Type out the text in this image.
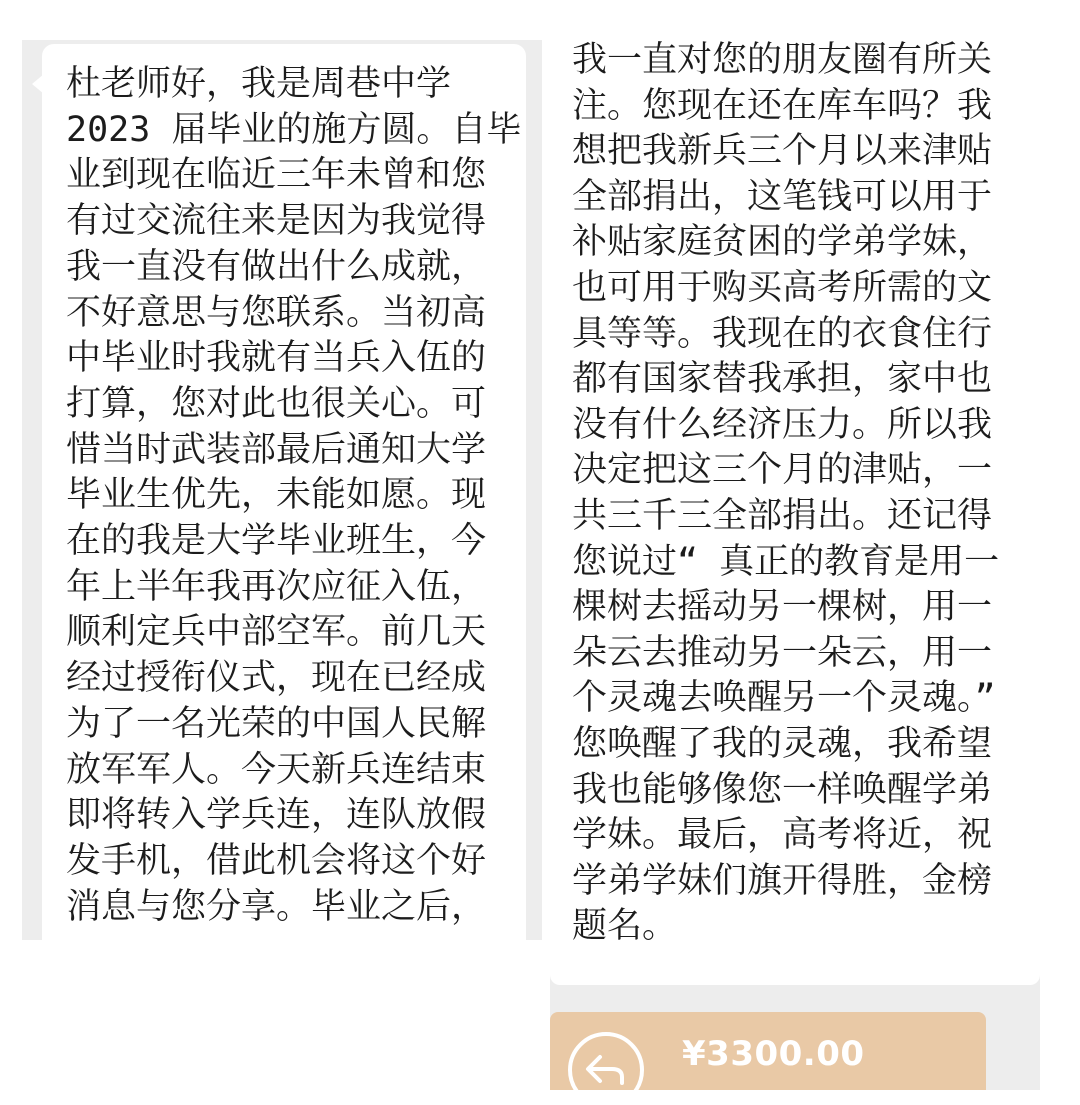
杜老师好，我是周巷中学
2023 届毕业的施方圆。自毕
业到现在临近三年未曾和您
有过交流往来是因为我觉得
我一直没有做出什么成就，
不好意思与您联系。当初高
中毕业时我就有当兵入伍的
打算，您对此也很关心。可
惜当时武装部最后通知大学
毕业生优先，未能如愿。现
在的我是大学毕业班生，今
年上半年我再次应征入伍，
顺利定兵中部空军。前几天
经过授衔仪式，现在已经成
为了一名光荣的中国人民解
放军军人。今天新兵连结束
即将转入学兵连，连队放假
发手机，借此机会将这个好
消息与您分享。毕业之后，
我一直对您的朋友圈有所关
注。您现在还在库车吗？我
想把我新兵三个月以来津贴
全部捐出，这笔钱可以用于
补贴家庭贫困的学弟学妹，
也可用于购买高考所需的文
具等等。我现在的衣食住行
都有国家替我承担，家中也
没有什么经济压力。所以我
决定把这三个月的津贴，一
共三千三全部捐出。还记得
您说过“ 真正的教育是用一
棵树去摇动另一棵树，用一
朵云去推动另一朵云，用一
个灵魂去唤醒另一个灵魂。”
您唤醒了我的灵魂，我希望
我也能够像您一样唤醒学弟
学妹。最后，高考将近，祝
学弟学妹们旗开得胜，金榜
题名。
¥3300.00
